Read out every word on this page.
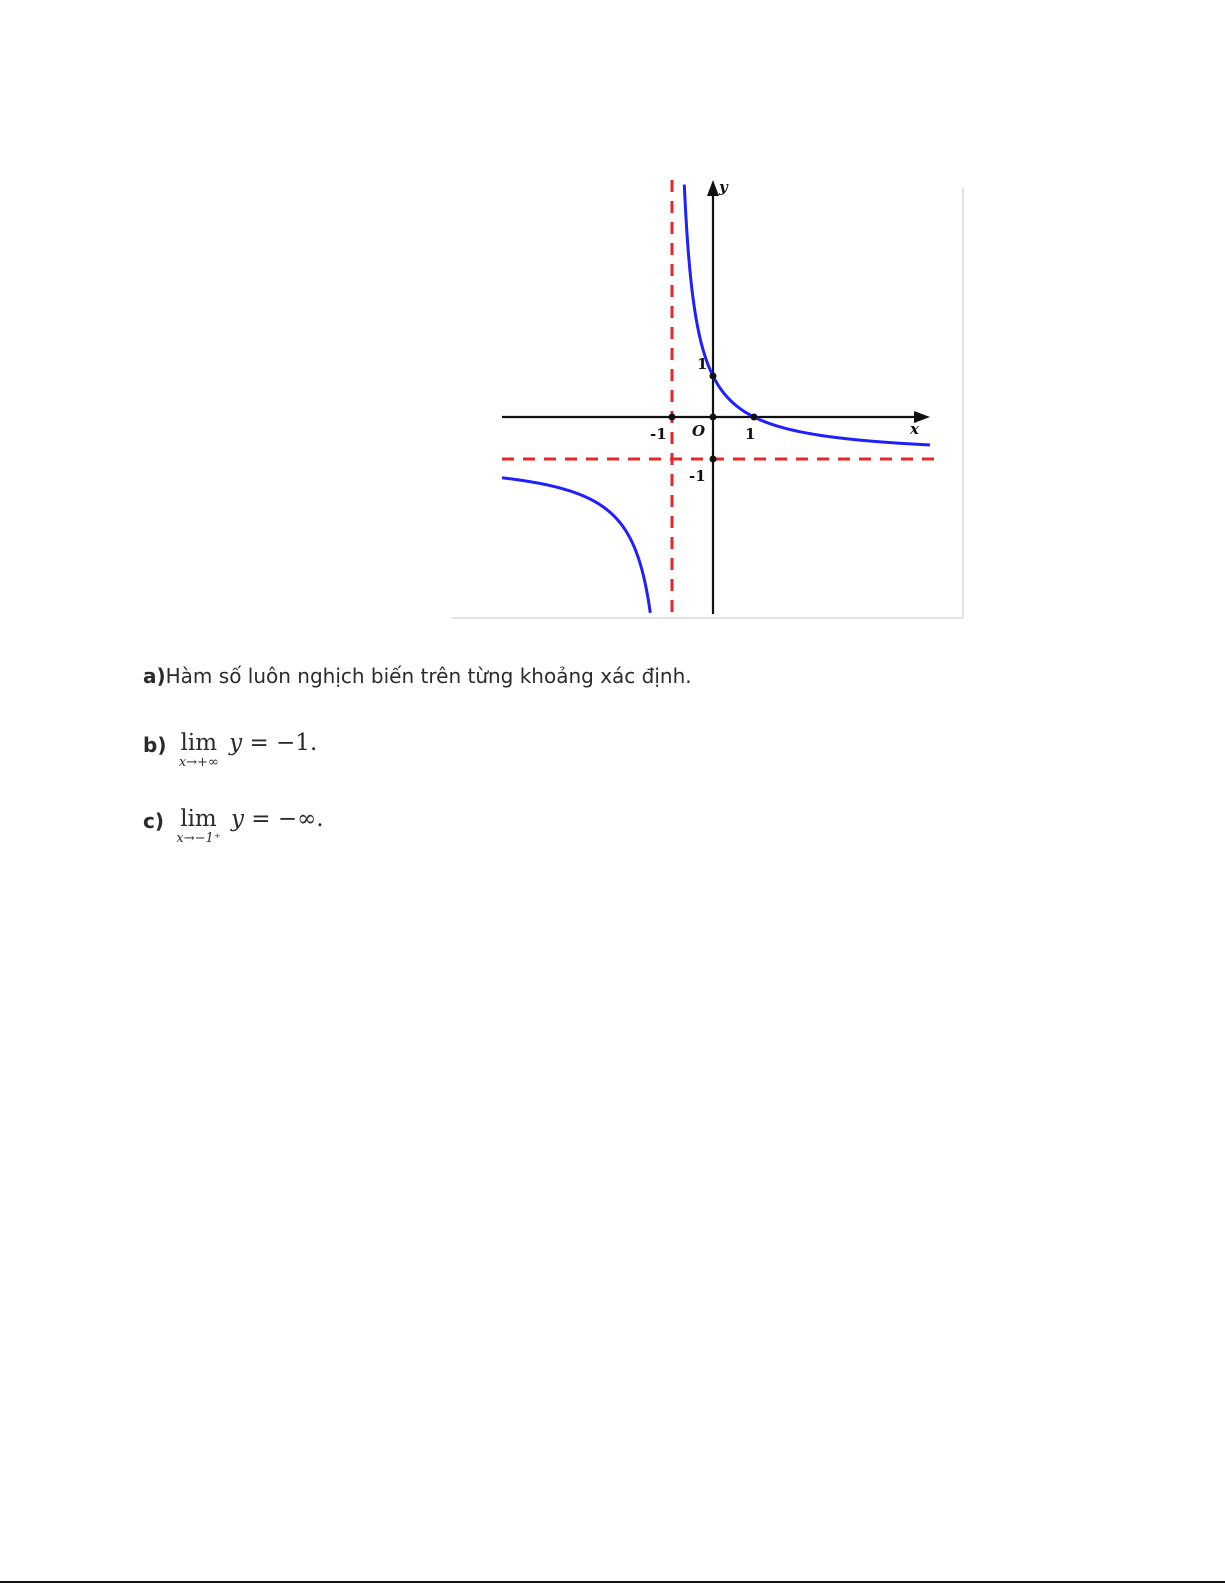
y
x
O
-1	1
1
-1
a)Hàm số luôn nghịch biến trên từng khoảng xác định.
b) lim
x→+∞
y = −1.
c) lim
x→−1⁺
y = −∞.
